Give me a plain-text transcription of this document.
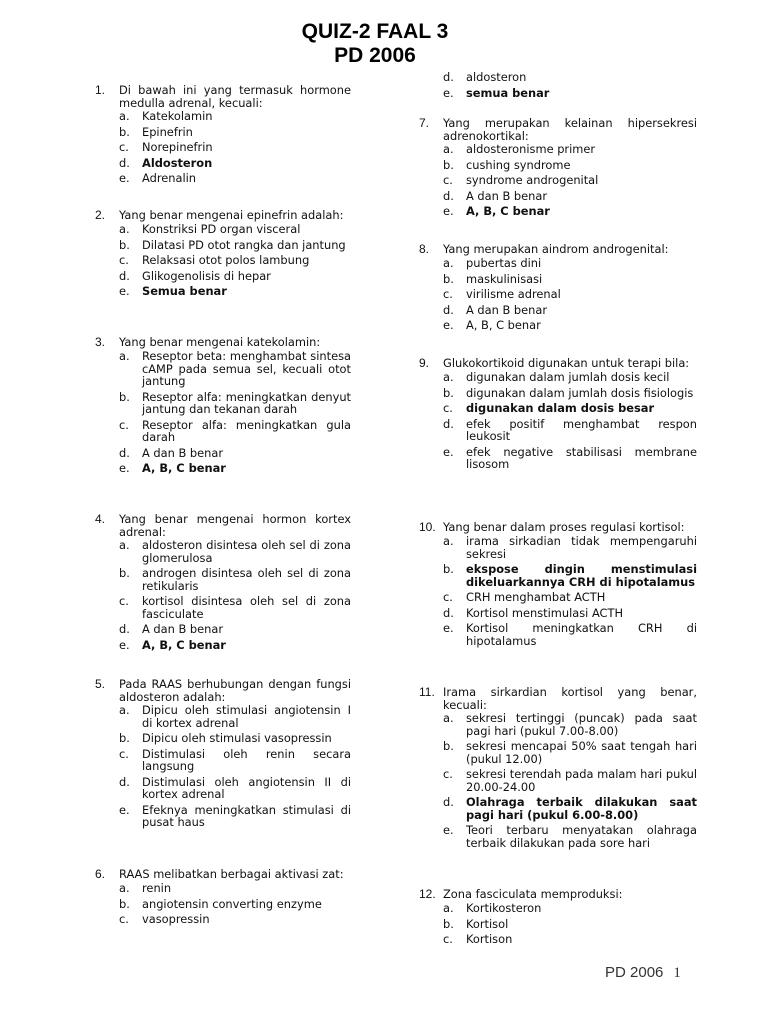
QUIZ-2 FAAL 3
PD 2006
1.	Di bawah ini yang termasuk hormone medulla adrenal, kecuali:
a.	Katekolamin
b.	Epinefrin
c.	Norepinefrin
d.	Aldosteron
e.	Adrenalin
2.	Yang benar mengenai epinefrin adalah:
a.	Konstriksi PD organ visceral
b.	Dilatasi PD otot rangka dan jantung
c.	Relaksasi otot polos lambung
d.	Glikogenolisis di hepar
e.	Semua benar
3.	Yang benar mengenai katekolamin:
a.	Reseptor beta: menghambat sintesa cAMP pada semua sel, kecuali otot jantung
b.	Reseptor alfa: meningkatkan denyut jantung dan tekanan darah
c.	Reseptor alfa: meningkatkan gula darah
d.	A dan B benar
e.	A, B, C benar
4.	Yang benar mengenai hormon kortex adrenal:
a.	aldosteron disintesa oleh sel di zona glomerulosa
b.	androgen disintesa oleh sel di zona retikularis
c.	kortisol disintesa oleh sel di zona fasciculate
d.	A dan B benar
e.	A, B, C benar
5.	Pada RAAS berhubungan dengan fungsi aldosteron adalah:
a.	Dipicu oleh stimulasi angiotensin I di kortex adrenal
b.	Dipicu oleh stimulasi vasopressin
c.	Distimulasi oleh renin secara langsung
d.	Distimulasi oleh angiotensin II di kortex adrenal
e.	Efeknya meningkatkan stimulasi di pusat haus
6.	RAAS melibatkan berbagai aktivasi zat:
a.	renin
b.	angiotensin converting enzyme
c.	vasopressin
d.	aldosteron
e.	semua benar
7.	Yang merupakan kelainan hipersekresi adrenokortikal:
a.	aldosteronisme primer
b.	cushing syndrome
c.	syndrome androgenital
d.	A dan B benar
e.	A, B, C benar
8.	Yang merupakan aindrom androgenital:
a.	pubertas dini
b.	maskulinisasi
c.	virilisme adrenal
d.	A dan B benar
e.	A, B, C benar
9.	Glukokortikoid digunakan untuk terapi bila:
a.	digunakan dalam jumlah dosis kecil
b.	digunakan dalam jumlah dosis fisiologis
c.	digunakan dalam dosis besar
d.	efek positif menghambat respon leukosit
e.	efek negative stabilisasi membrane lisosom
10. Yang benar dalam proses regulasi kortisol:
a.	irama sirkadian tidak mempengaruhi sekresi
b.	ekspose dingin menstimulasi dikeluarkannya CRH di hipotalamus
c.	CRH menghambat ACTH
d.	Kortisol menstimulasi ACTH
e.	Kortisol meningkatkan CRH di hipotalamus
11. Irama sirkardian kortisol yang benar, kecuali:
a.	sekresi tertinggi (puncak) pada saat pagi hari (pukul 7.00-8.00)
b.	sekresi mencapai 50% saat tengah hari (pukul 12.00)
c.	sekresi terendah pada malam hari pukul 20.00-24.00
d.	Olahraga terbaik dilakukan saat pagi hari (pukul 6.00-8.00)
e.	Teori terbaru menyatakan olahraga terbaik dilakukan pada sore hari
12. Zona fasciculata memproduksi:
a.	Kortikosteron
b.	Kortisol
c.	Kortison
PD 2006 1
